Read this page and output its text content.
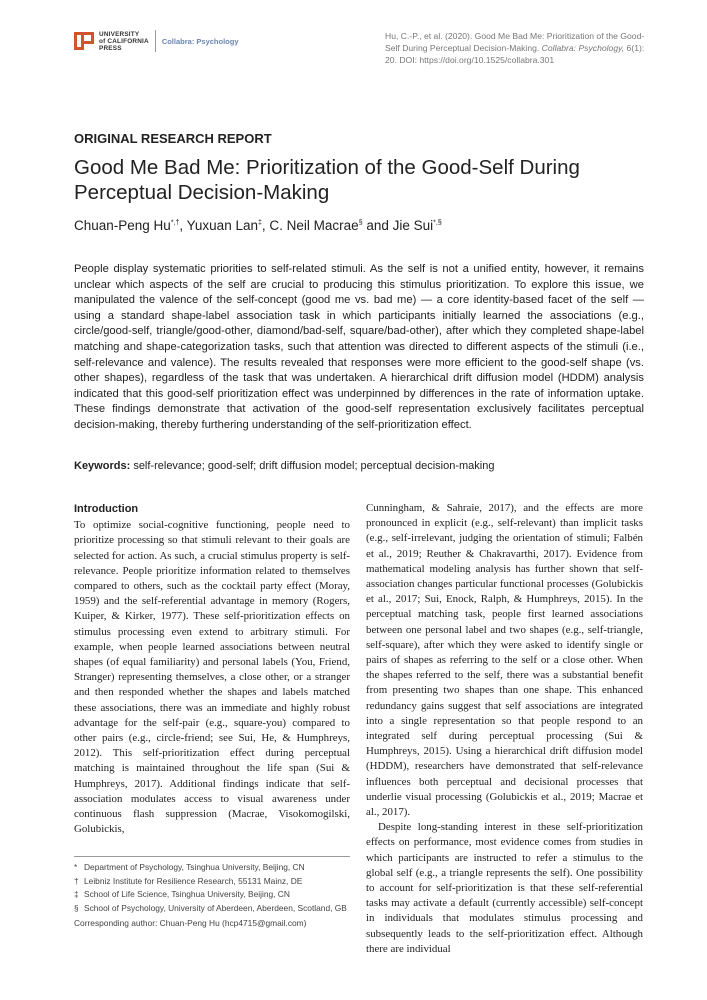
UNIVERSITY
of CALIFORNIA
PRESS
Collabra: Psychology	Hu, C.-P., et al. (2020). Good Me Bad Me: Prioritization of the Good-Self During Perceptual Decision-Making. Collabra: Psychology, 6(1): 20. DOI: https://doi.org/10.1525/collabra.301
ORIGINAL RESEARCH REPORT
Good Me Bad Me: Prioritization of the Good-Self During Perceptual Decision-Making
Chuan-Peng Hu*,†, Yuxuan Lan‡, C. Neil Macrae§ and Jie Sui*,§

People display systematic priorities to self-related stimuli. As the self is not a unified entity, however, it remains unclear which aspects of the self are crucial to producing this stimulus prioritization. To explore this issue, we manipulated the valence of the self-concept (good me vs. bad me) — a core identity-based facet of the self — using a standard shape-label association task in which participants initially learned the associations (e.g., circle/good-self, triangle/good-other, diamond/bad-self, square/bad-other), after which they completed shape-label matching and shape-categorization tasks, such that attention was directed to different aspects of the stimuli (i.e., self-relevance and valence). The results revealed that responses were more efficient to the good-self shape (vs. other shapes), regardless of the task that was undertaken. A hierarchical drift diffusion model (HDDM) analysis indicated that this good-self prioritization effect was underpinned by differences in the rate of information uptake. These findings demonstrate that activation of the good-self representation exclusively facilitates perceptual decision-making, thereby furthering understanding of the self-prioritization effect.

Keywords: self-relevance; good-self; drift diffusion model; perceptual decision-making
Introduction

To optimize social-cognitive functioning, people need to prioritize processing so that stimuli relevant to their goals are selected for action. As such, a crucial stimulus property is self-relevance. People prioritize information related to themselves compared to others, such as the cocktail party effect (Moray, 1959) and the self-referential advantage in memory (Rogers, Kuiper, & Kirker, 1977). These self-prioritization effects on stimulus processing even extend to arbitrary stimuli. For example, when people learned associations between neutral shapes (of equal familiarity) and personal labels (You, Friend, Stranger) representing themselves, a close other, or a stranger and then responded whether the shapes and labels matched these associations, there was an immediate and highly robust advantage for the self-pair (e.g., square-you) compared to other pairs (e.g., circle-friend; see Sui, He, & Humphreys, 2012). This self-prioritization effect during perceptual matching is maintained throughout the life span (Sui & Humphreys, 2017). Additional findings indicate that self-association modulates access to visual awareness under continuous flash suppression (Macrae, Visokomogilski, Golubickis,

Cunningham, & Sahraie, 2017), and the effects are more pronounced in explicit (e.g., self-relevant) than implicit tasks (e.g., self-irrelevant, judging the orientation of stimuli; Falbén et al., 2019; Reuther & Chakravarthi, 2017). Evidence from mathematical modeling analysis has further shown that self-association changes particular functional processes (Golubickis et al., 2017; Sui, Enock, Ralph, & Humphreys, 2015). In the perceptual matching task, people first learned associations between one personal label and two shapes (e.g., self-triangle, self-square), after which they were asked to identify single or pairs of shapes as referring to the self or a close other. When the shapes referred to the self, there was a substantial benefit from presenting two shapes than one shape. This enhanced redundancy gains suggest that self associations are integrated into a single representation so that people respond to an integrated self during perceptual processing (Sui & Humphreys, 2015). Using a hierarchical drift diffusion model (HDDM), researchers have demonstrated that self-relevance influences both perceptual and decisional processes that underlie visual processing (Golubickis et al., 2019; Macrae et al., 2017).

Despite long-standing interest in these self-prioritization effects on performance, most evidence comes from studies in which participants are instructed to refer a stimulus to the global self (e.g., a triangle represents the self). One possibility to account for self-prioritization is that these self-referential tasks may activate a default (currently accessible) self-concept in individuals that modulates stimulus processing and subsequently leads to the self-prioritization effect. Although there are individual

* Department of Psychology, Tsinghua University, Beijing, CN
† Leibniz Institute for Resilience Research, 55131 Mainz, DE
‡ School of Life Science, Tsinghua University, Beijing, CN
§ School of Psychology, University of Aberdeen, Aberdeen, Scotland, GB
Corresponding author: Chuan-Peng Hu (hcp4715@gmail.com)
